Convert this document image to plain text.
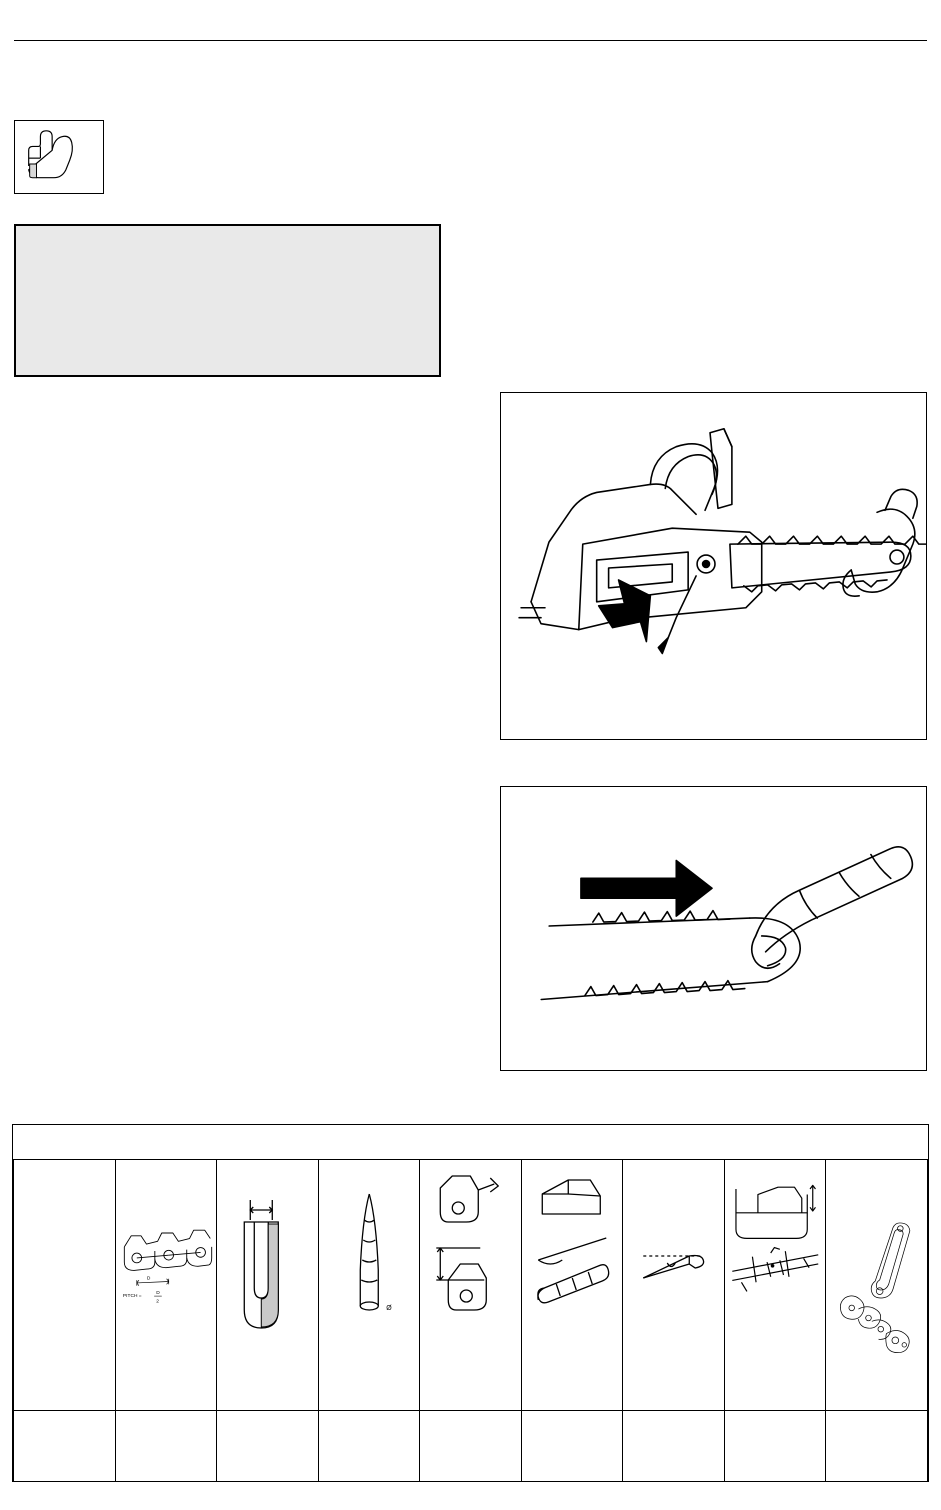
D
PITCH =
D
2		Ø
